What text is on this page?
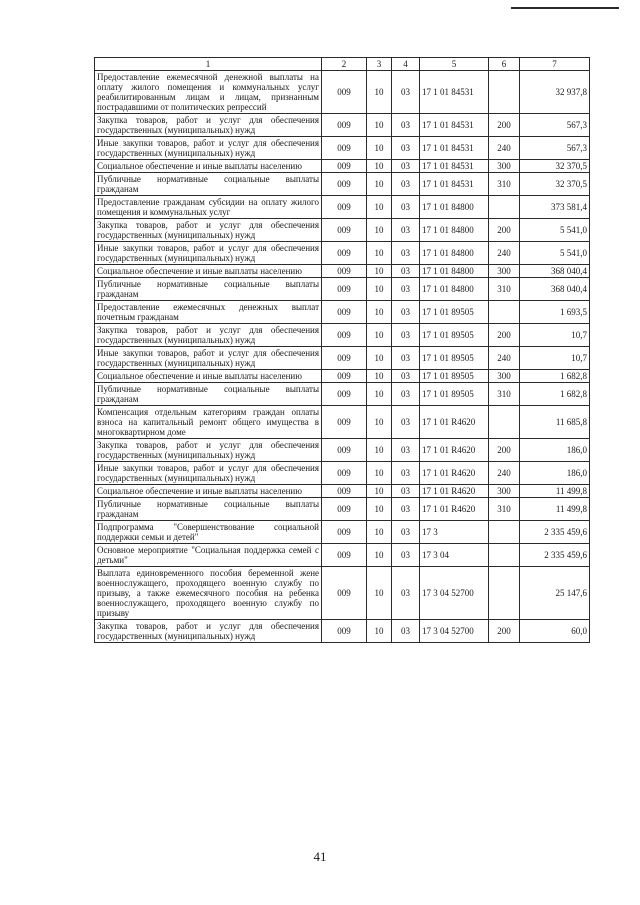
1	2	3	4	5	6	7
Предоставление ежемесячной денежной выплаты на оплату жилого помещения и коммунальных услуг реабилитированным лицам и лицам, признанным пострадавшими от политических репрессий	009	10	03	17 1 01 84531		32 937,8
Закупка товаров, работ и услуг для обеспечения государственных (муниципальных) нужд	009	10	03	17 1 01 84531	200	567,3
Иные закупки товаров, работ и услуг для обеспечения государственных (муниципальных) нужд	009	10	03	17 1 01 84531	240	567,3
Социальное обеспечение и иные выплаты населению	009	10	03	17 1 01 84531	300	32 370,5
Публичные нормативные социальные выплаты гражданам	009	10	03	17 1 01 84531	310	32 370,5
Предоставление гражданам субсидии на оплату жилого помещения и коммунальных услуг	009	10	03	17 1 01 84800		373 581,4
Закупка товаров, работ и услуг для обеспечения государственных (муниципальных) нужд	009	10	03	17 1 01 84800	200	5 541,0
Иные закупки товаров, работ и услуг для обеспечения государственных (муниципальных) нужд	009	10	03	17 1 01 84800	240	5 541,0
Социальное обеспечение и иные выплаты населению	009	10	03	17 1 01 84800	300	368 040,4
Публичные нормативные социальные выплаты гражданам	009	10	03	17 1 01 84800	310	368 040,4
Предоставление ежемесячных денежных выплат почетным гражданам	009	10	03	17 1 01 89505		1 693,5
Закупка товаров, работ и услуг для обеспечения государственных (муниципальных) нужд	009	10	03	17 1 01 89505	200	10,7
Иные закупки товаров, работ и услуг для обеспечения государственных (муниципальных) нужд	009	10	03	17 1 01 89505	240	10,7
Социальное обеспечение и иные выплаты населению	009	10	03	17 1 01 89505	300	1 682,8
Публичные нормативные социальные выплаты гражданам	009	10	03	17 1 01 89505	310	1 682,8
Компенсация отдельным категориям граждан оплаты взноса на капитальный ремонт общего имущества в многоквартирном доме	009	10	03	17 1 01 R4620		11 685,8
Закупка товаров, работ и услуг для обеспечения государственных (муниципальных) нужд	009	10	03	17 1 01 R4620	200	186,0
Иные закупки товаров, работ и услуг для обеспечения государственных (муниципальных) нужд	009	10	03	17 1 01 R4620	240	186,0
Социальное обеспечение и иные выплаты населению	009	10	03	17 1 01 R4620	300	11 499,8
Публичные нормативные социальные выплаты гражданам	009	10	03	17 1 01 R4620	310	11 499,8
Подпрограмма "Совершенствование социальной поддержки семьи и детей"	009	10	03	17 3		2 335 459,6
Основное мероприятие "Социальная поддержка семей с детьми"	009	10	03	17 3 04		2 335 459,6
Выплата единовременного пособия беременной жене военнослужащего, проходящего военную службу по призыву, а также ежемесячного пособия на ребенка военнослужащего, проходящего военную службу по призыву	009	10	03	17 3 04 52700		25 147,6
Закупка товаров, работ и услуг для обеспечения государственных (муниципальных) нужд	009	10	03	17 3 04 52700	200	60,0
41
